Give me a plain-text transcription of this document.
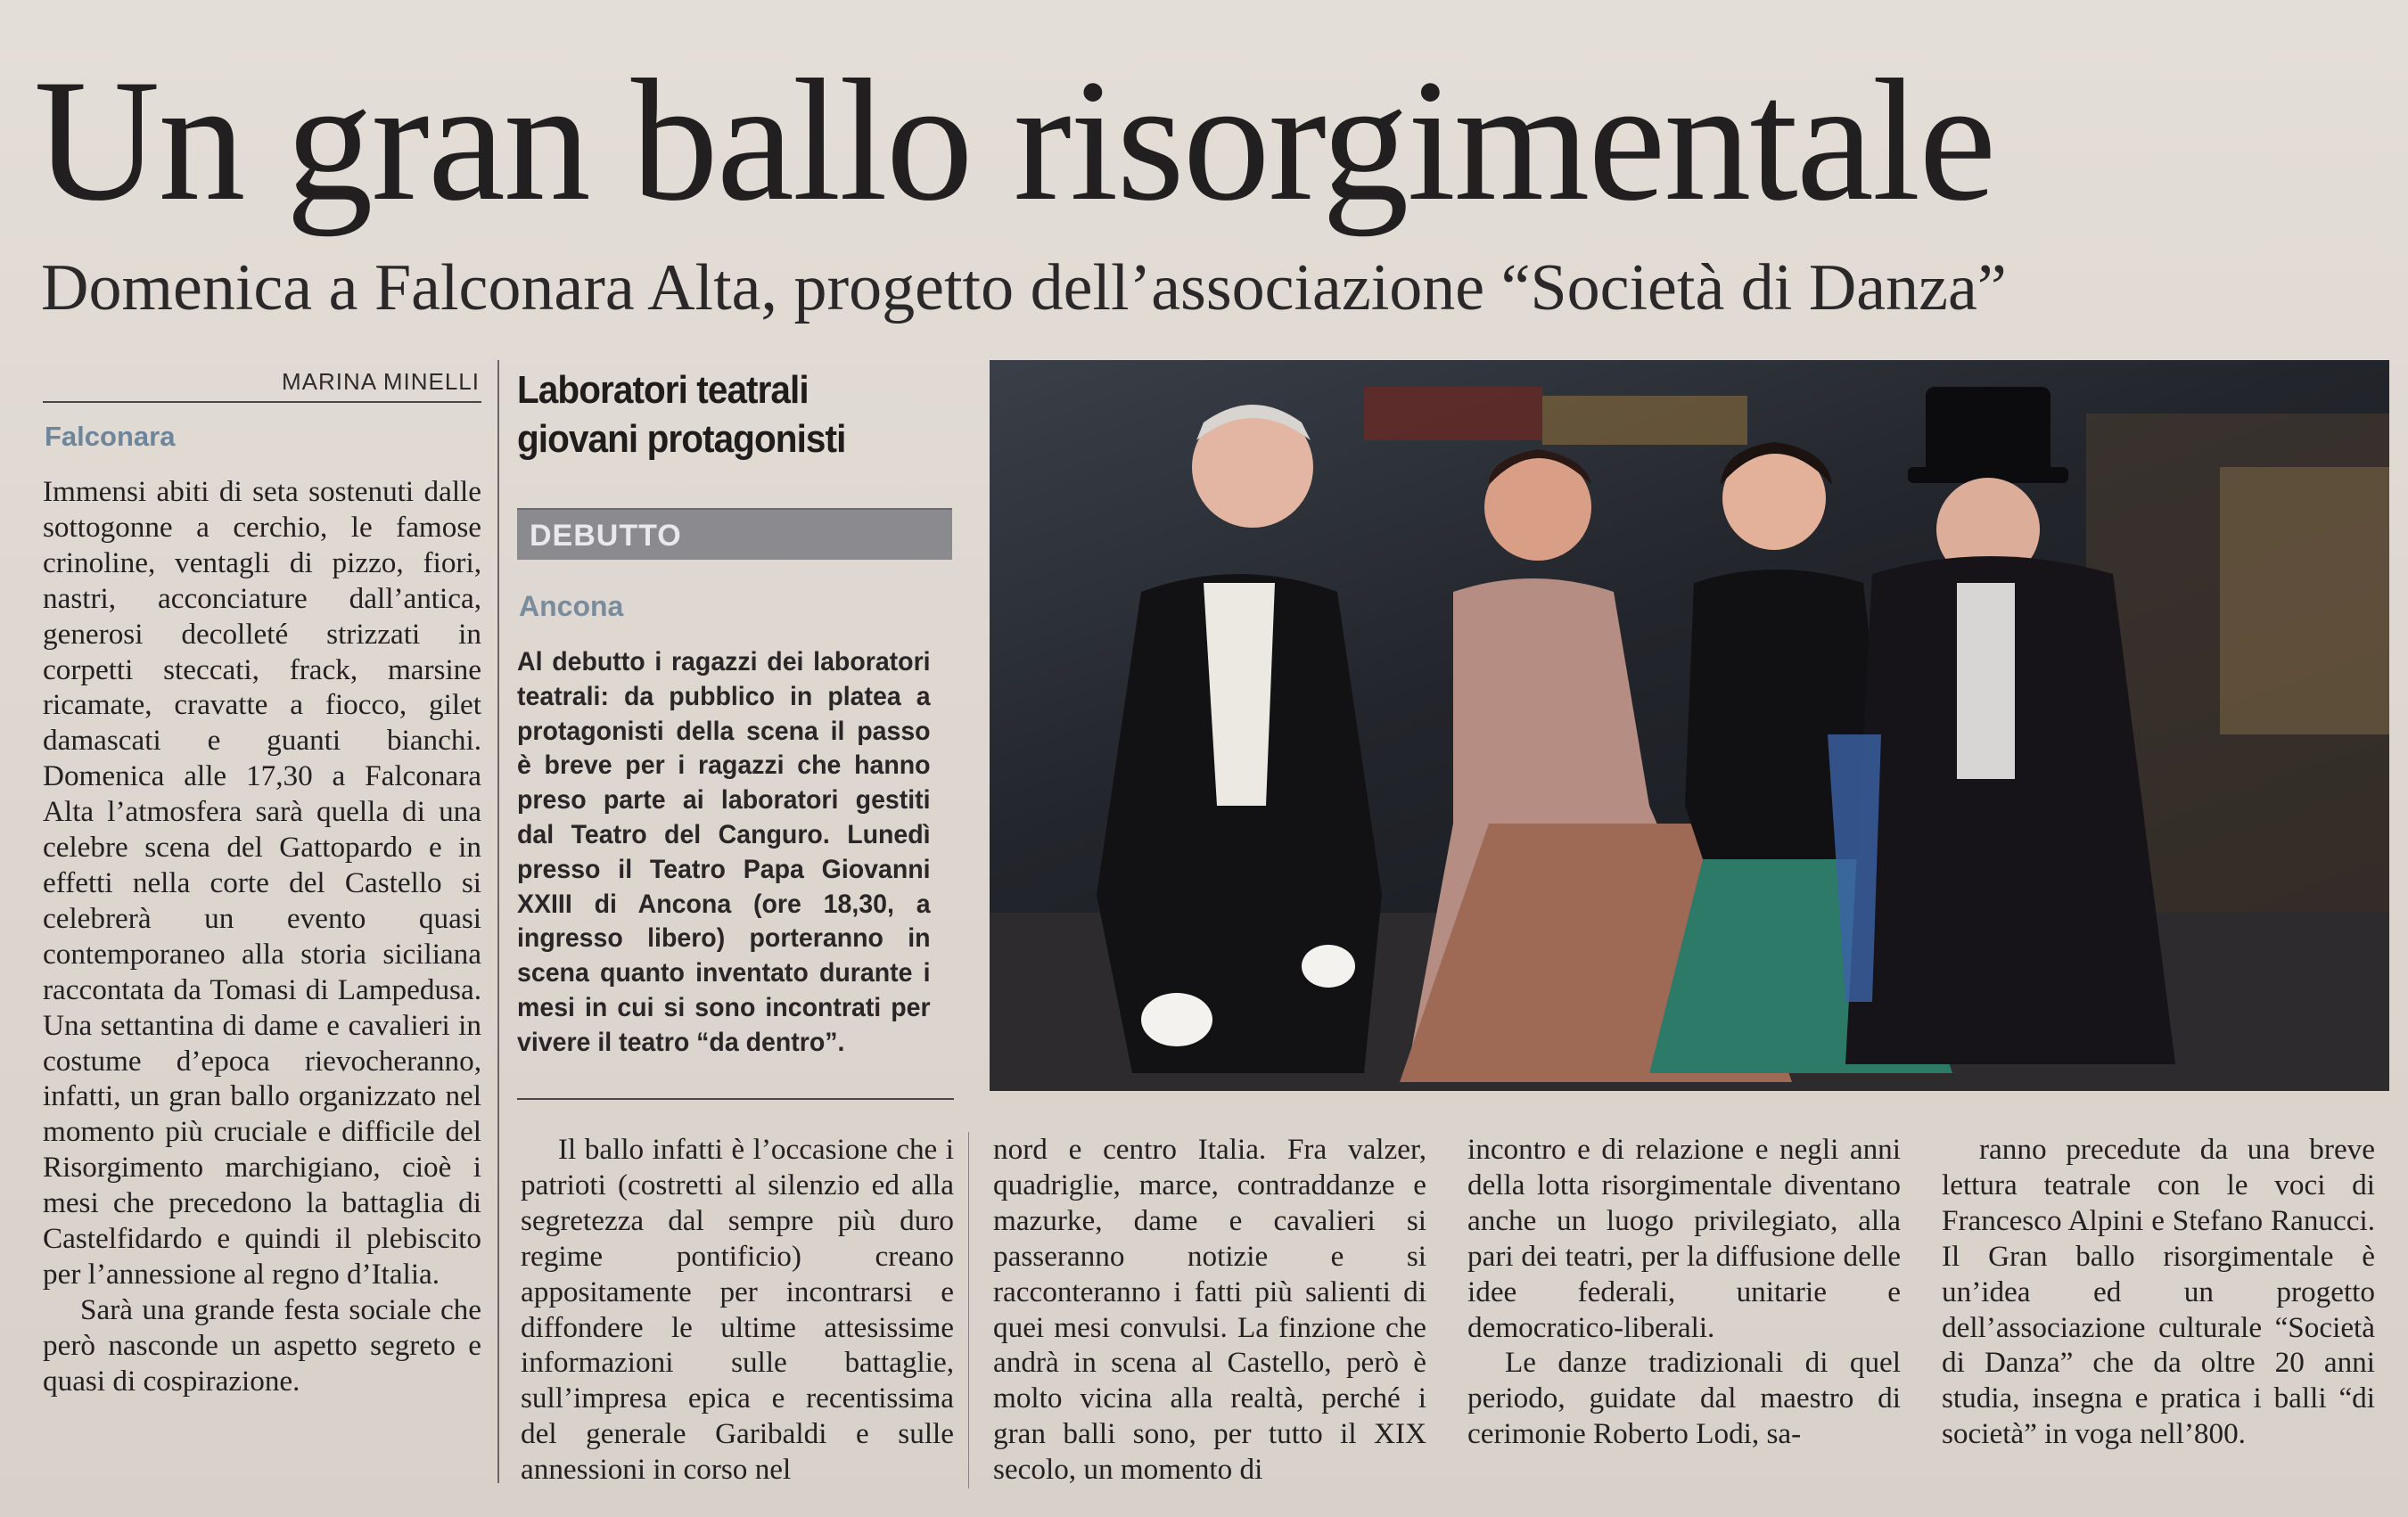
Un gran ballo risorgimentale
Domenica a Falconara Alta, progetto dell’associazione “Società di Danza”
MARINA MINELLI
Falconara

Immensi abiti di seta sostenuti dalle sottogonne a cerchio, le famose crinoline, ventagli di pizzo, fiori, nastri, acconciature dall’antica, generosi decolleté strizzati in corpetti steccati, frack, marsine ricamate, cravatte a fiocco, gilet damascati e guanti bianchi. Domenica alle 17,30 a Falconara Alta l’atmosfera sarà quella di una celebre scena del Gattopardo e in effetti nella corte del Castello si celebrerà un evento quasi contemporaneo alla storia siciliana raccontata da Tomasi di Lampedusa. Una settantina di dame e cavalieri in costume d’epoca rievocheranno, infatti, un gran ballo organizzato nel momento più cruciale e difficile del Risorgimento marchigiano, cioè i mesi che precedono la battaglia di Castelfidardo e quindi il plebiscito per l’annessione al regno d’Italia.

Sarà una grande festa sociale che però nasconde un aspetto segreto e quasi di cospirazione.

Laboratori teatrali
giovani protagonisti
DEBUTTO
Ancona

Al debutto i ragazzi dei laboratori teatrali: da pubblico in platea a protagonisti della scena il passo è breve per i ragazzi che hanno preso parte ai laboratori gestiti dal Teatro del Canguro. Lunedì presso il Teatro Papa Giovanni XXIII di Ancona (ore 18,30, a ingresso libero) porteranno in scena quanto inventato durante i mesi in cui si sono incontrati per vivere il teatro “da dentro”.

Il ballo infatti è l’occasione che i patrioti (costretti al silenzio ed alla segretezza dal sempre più duro regime pontificio) creano appositamente per incontrarsi e diffondere le ultime attesissime informazioni sulle battaglie, sull’impresa epica e recentissima del generale Garibaldi e sulle annessioni in corso nel

nord e centro Italia. Fra valzer, quadriglie, marce, contraddanze e mazurke, dame e cavalieri si passeranno notizie e si racconteranno i fatti più salienti di quei mesi convulsi. La finzione che andrà in scena al Castello, però è molto vicina alla realtà, perché i gran balli sono, per tutto il XIX secolo, un momento di

incontro e di relazione e negli anni della lotta risorgimentale diventano anche un luogo privilegiato, alla pari dei teatri, per la diffusione delle idee federali, unitarie e democratico-liberali.

Le danze tradizionali di quel periodo, guidate dal maestro di cerimonie Roberto Lodi, sa-

ranno precedute da una breve lettura teatrale con le voci di Francesco Alpini e Stefano Ranucci. Il Gran ballo risorgimentale è un’idea ed un progetto dell’associazione culturale “Società di Danza” che da oltre 20 anni studia, insegna e pratica i balli “di società” in voga nell’800.
